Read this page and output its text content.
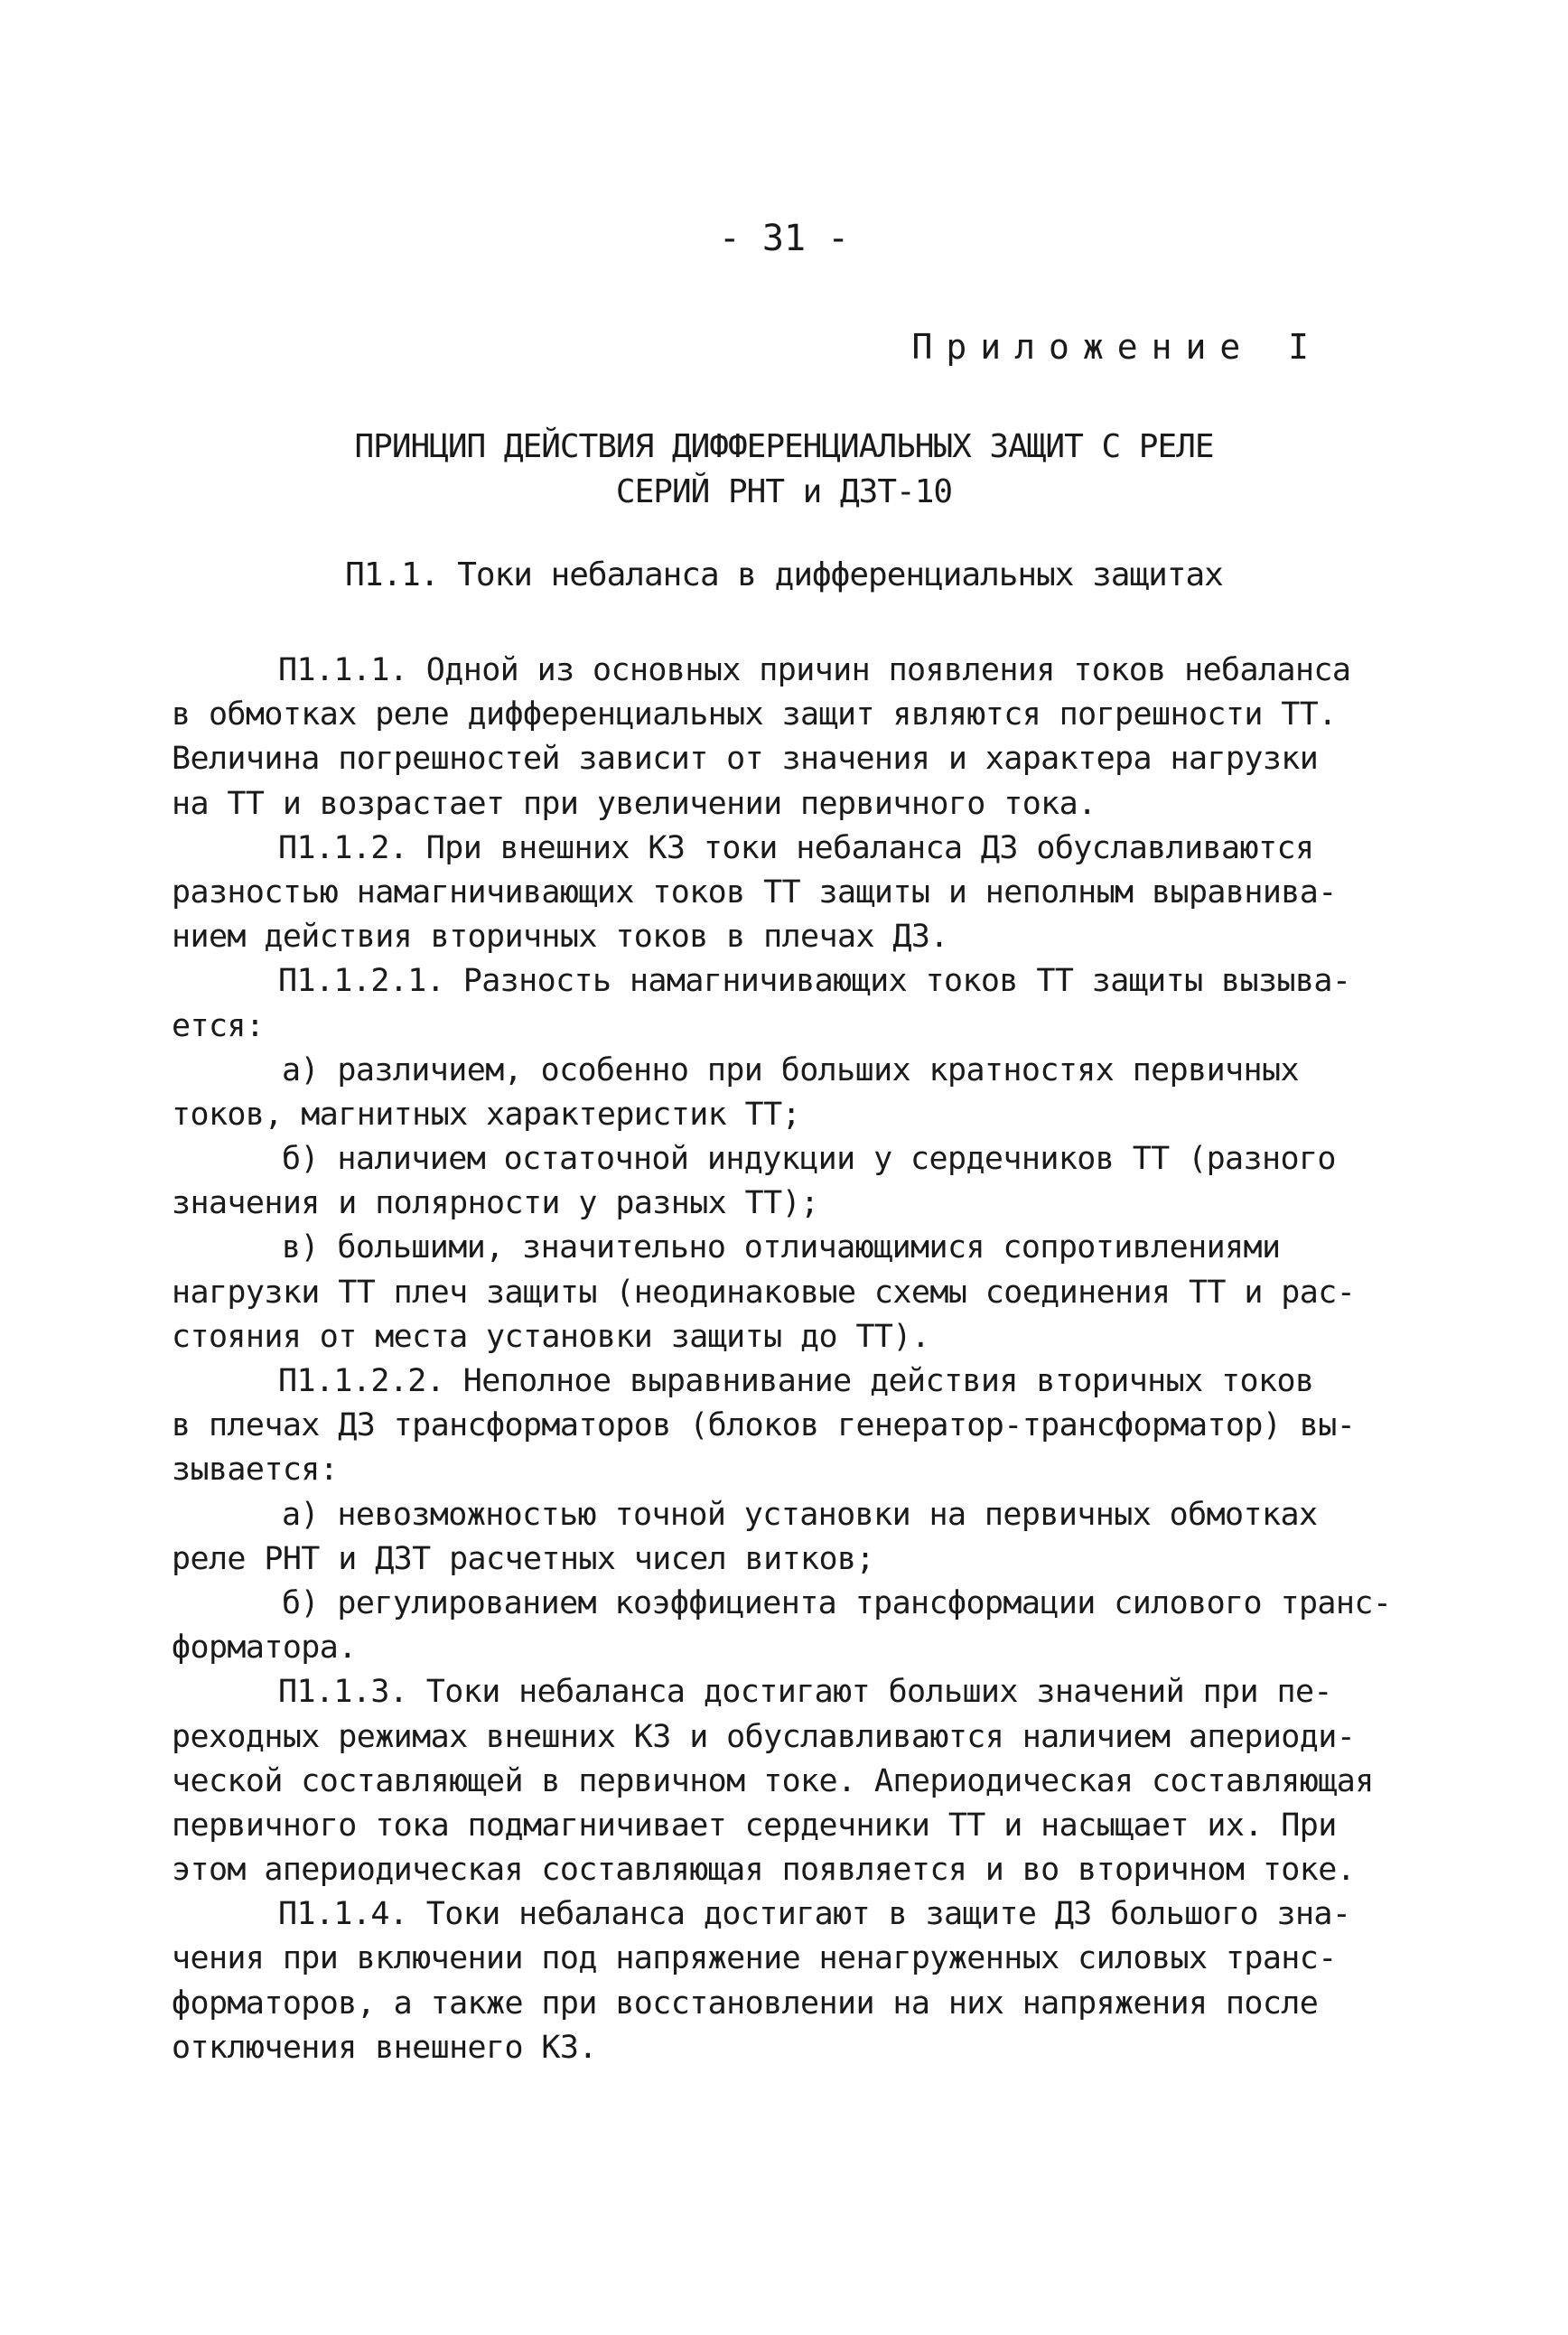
- 31 -
Приложение I
ПРИНЦИП ДЕЙСТВИЯ ДИФФЕРЕНЦИАЛЬНЫХ ЗАЩИТ С РЕЛЕ
СЕРИЙ РНТ и ДЗТ-10
П1.1. Токи небаланса в дифференциальных защитах
П1.1.1. Одной из основных причин появления токов небаланса
в обмотках реле дифференциальных защит являются погрешности ТТ.
Величина погрешностей зависит от значения и характера нагрузки
на ТТ и возрастает при увеличении первичного тока.
П1.1.2. При внешних КЗ токи небаланса ДЗ обуславливаются
разностью намагничивающих токов ТТ защиты и неполным выравнива-
нием действия вторичных токов в плечах ДЗ.
П1.1.2.1. Разность намагничивающих токов ТТ защиты вызыва-
ется:
а) различием, особенно при больших кратностях первичных
токов, магнитных характеристик ТТ;
б) наличием остаточной индукции у сердечников ТТ (разного
значения и полярности у разных ТТ);
в) большими, значительно отличающимися сопротивлениями
нагрузки ТТ плеч защиты (неодинаковые схемы соединения ТТ и рас-
стояния от места установки защиты до ТТ).
П1.1.2.2. Неполное выравнивание действия вторичных токов
в плечах ДЗ трансформаторов (блоков генератор-трансформатор) вы-
зывается:
а) невозможностью точной установки на первичных обмотках
реле РНТ и ДЗТ расчетных чисел витков;
б) регулированием коэффициента трансформации силового транс-
форматора.
П1.1.3. Токи небаланса достигают больших значений при пе-
реходных режимах внешних КЗ и обуславливаются наличием апериоди-
ческой составляющей в первичном токе. Апериодическая составляющая
первичного тока подмагничивает сердечники ТТ и насыщает их. При
этом апериодическая составляющая появляется и во вторичном токе.
П1.1.4. Токи небаланса достигают в защите ДЗ большого зна-
чения при включении под напряжение ненагруженных силовых транс-
форматоров, а также при восстановлении на них напряжения после
отключения внешнего КЗ.
